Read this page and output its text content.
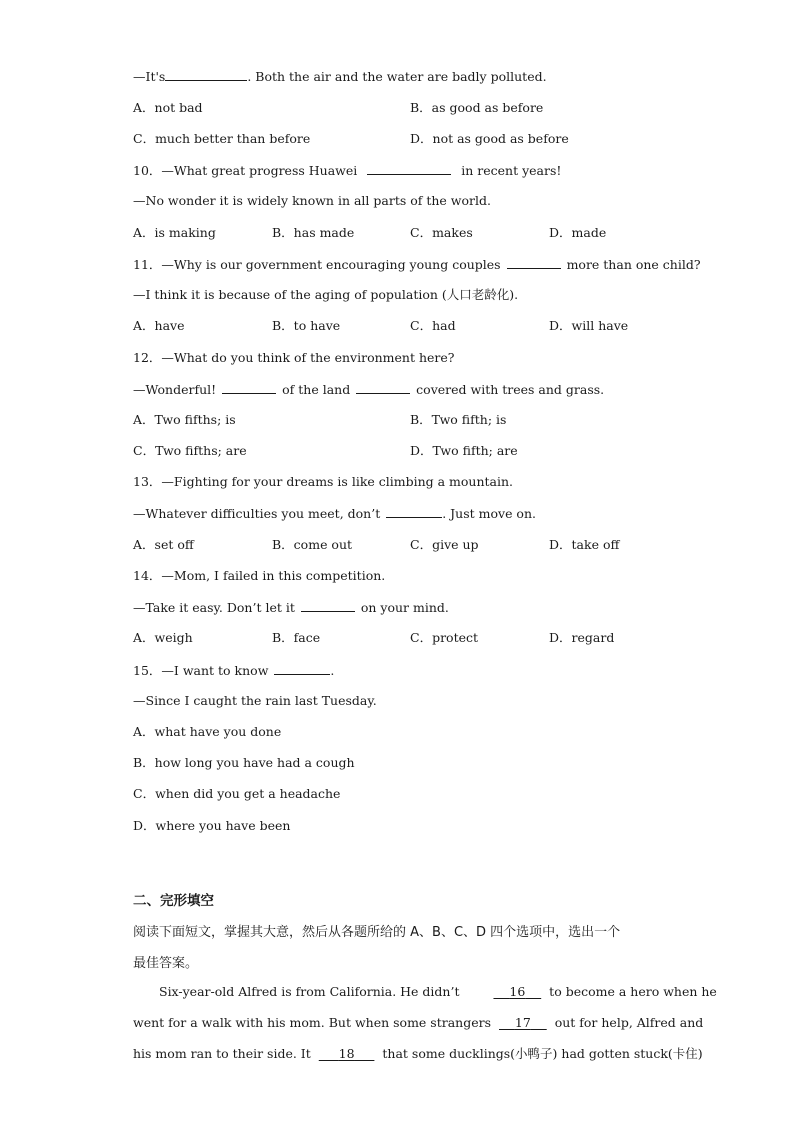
—It's	. Both the air and the water are badly polluted.
A．not bad	B．as good as before
C．much better than before	D．not as good as before
10．—What great progress Huawei	in recent years!
—No wonder it is widely known in all parts of the world.
A．is making	B．has made	C．makes	D．made
11．—Why is our government encouraging young couples	more than one child?
—I think it is because of the aging of population (人口老龄化).
A．have	B．to have	C．had	D．will have
12．—What do you think of the environment here?
—Wonderful!	of the land	covered with trees and grass.
A．Two fifths; is	B．Two fifth; is
C．Two fifths; are	D．Two fifth; are
13．—Fighting for your dreams is like climbing a mountain.
—Whatever difficulties you meet, don’t	. Just move on.
A．set off	B．come out	C．give up	D．take off
14．—Mom, I failed in this competition.
—Take it easy. Don’t let it	on your mind.
A．weigh	B．face	C．protect	D．regard
15．—I want to know	.
—Since I caught the rain last Tuesday.
A．what have you done
B．how long you have had a cough
C．when did you get a headache
D．where you have been
二、完形填空
阅读下面短文，掌握其大意，然后从各题所给的 A、B、C、D 四个选项中，选出一个
最佳答案。
Six-year-old Alfred is from California. He didn’t	16 to become a hero when he
went for a walk with his mom. But when some strangers 17 out for help, Alfred and
his mom ran to their side. It 18 that some ducklings(小鸭子) had gotten stuck(卡住)
